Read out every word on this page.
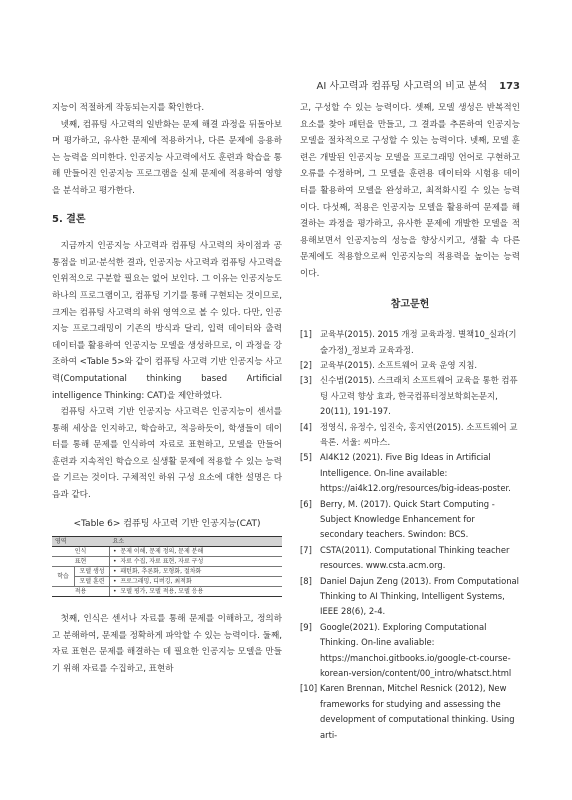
AI 사고력과 컴퓨팅 사고력의 비교 분석 173

지능이 적절하게 작동되는지를 확인한다.

넷째, 컴퓨팅 사고력의 일반화는 문제 해결 과정을 뒤돌아보며 평가하고, 유사한 문제에 적용하거나, 다른 문제에 응용하는 능력을 의미한다. 인공지능 사고력에서도 훈련과 학습을 통해 만들어진 인공지능 프로그램을 실제 문제에 적용하여 영향을 분석하고 평가한다.

5. 결론

지금까지 인공지능 사고력과 컴퓨팅 사고력의 차이점과 공통점을 비교·분석한 결과, 인공지능 사고력과 컴퓨팅 사고력을 인위적으로 구분할 필요는 없어 보인다. 그 이유는 인공지능도 하나의 프로그램이고, 컴퓨팅 기기를 통해 구현되는 것이므로, 크게는 컴퓨팅 사고력의 하위 영역으로 볼 수 있다. 다만, 인공지능 프로그래밍이 기존의 방식과 달리, 입력 데이터와 출력 데이터를 활용하여 인공지능 모델을 생성하므로, 이 과정을 강조하여 <Table 5>와 같이 컴퓨팅 사고력 기반 인공지능 사고력(Computational thinking based Artificial intelligence Thinking: CAT)을 제안하였다.

컴퓨팅 사고력 기반 인공지능 사고력은 인공지능이 센서를 통해 세상을 인지하고, 학습하고, 적응하듯이, 학생들이 데이터를 통해 문제를 인식하여 자료로 표현하고, 모델을 만들어 훈련과 지속적인 학습으로 실생활 문제에 적용할 수 있는 능력을 기르는 것이다. 구체적인 하위 구성 요소에 대한 설명은 다음과 같다.

<Table 6> 컴퓨팅 사고력 기반 인공지능(CAT)
영역		요소
인식		•  문제 이해, 문제 정의, 문제 분해
표현		•  자료 수집, 자료 표현, 자료 구성
학습	모델 생성	•  패턴화, 추론화, 모형화, 절차화
	모델 훈련	•  프로그래밍, 디버깅, 최적화
적용		•  모델 평가, 모델 적용, 모델 응용

첫째, 인식은 센서나 자료를 통해 문제를 이해하고, 정의하고 분해하여, 문제를 정확하게 파악할 수 있는 능력이다. 둘째, 자료 표현은 문제를 해결하는 데 필요한 인공지능 모델을 만들기 위해 자료를 수집하고, 표현하

고, 구성할 수 있는 능력이다. 셋째, 모델 생성은 반복적인 요소를 찾아 패턴을 만들고, 그 결과를 추론하여 인공지능 모델을 절차적으로 구성할 수 있는 능력이다. 넷째, 모델 훈련은 개발된 인공지능 모델을 프로그래밍 언어로 구현하고 오류를 수정하며, 그 모델을 훈련용 데이터와 시험용 데이터를 활용하여 모델을 완성하고, 최적화시킬 수 있는 능력이다. 다섯째, 적용은 인공지능 모델을 활용하여 문제를 해결하는 과정을 평가하고, 유사한 문제에 개발한 모델을 적용해보면서 인공지능의 성능을 향상시키고, 생활 속 다른 문제에도 적용함으로써 인공지능의 적용력을 높이는 능력이다.

참고문헌
[1] 교육부(2015). 2015 개정 교육과정. 별책10_실과(기술가정)_정보과 교육과정.
[2] 교육부(2015). 소프트웨어 교육 운영 지침.
[3] 신수범(2015). 스크래치 소프트웨어 교육을 통한 컴퓨팅 사고력 향상 효과, 한국컴퓨터정보학회논문지, 20(11), 191-197.
[4] 정영식, 유정수, 임진숙, 홍지연(2015). 소프트웨어 교육론. 서울: 씨마스.
[5] AI4K12 (2021). Five Big Ideas in Artificial Intelligence. On-line available: https://ai4k12.org/resources/big-ideas-poster.
[6] Berry, M. (2017). Quick Start Computing - Subject Knowledge Enhancement for secondary teachers. Swindon: BCS.
[7] CSTA(2011). Computational Thinking teacher resources. www.csta.acm.org.
[8] Daniel Dajun Zeng (2013). From Computational Thinking to AI Thinking, Intelligent Systems, IEEE 28(6), 2-4.
[9] Google(2021). Exploring Computational Thinking. On-line avaliable: https://manchoi.gitbooks.io/google-ct-course-korean-version/content/00_intro/whatsct.html
[10] Karen Brennan, Mitchel Resnick (2012), New frameworks for studying and assessing the development of computational thinking. Using arti-
